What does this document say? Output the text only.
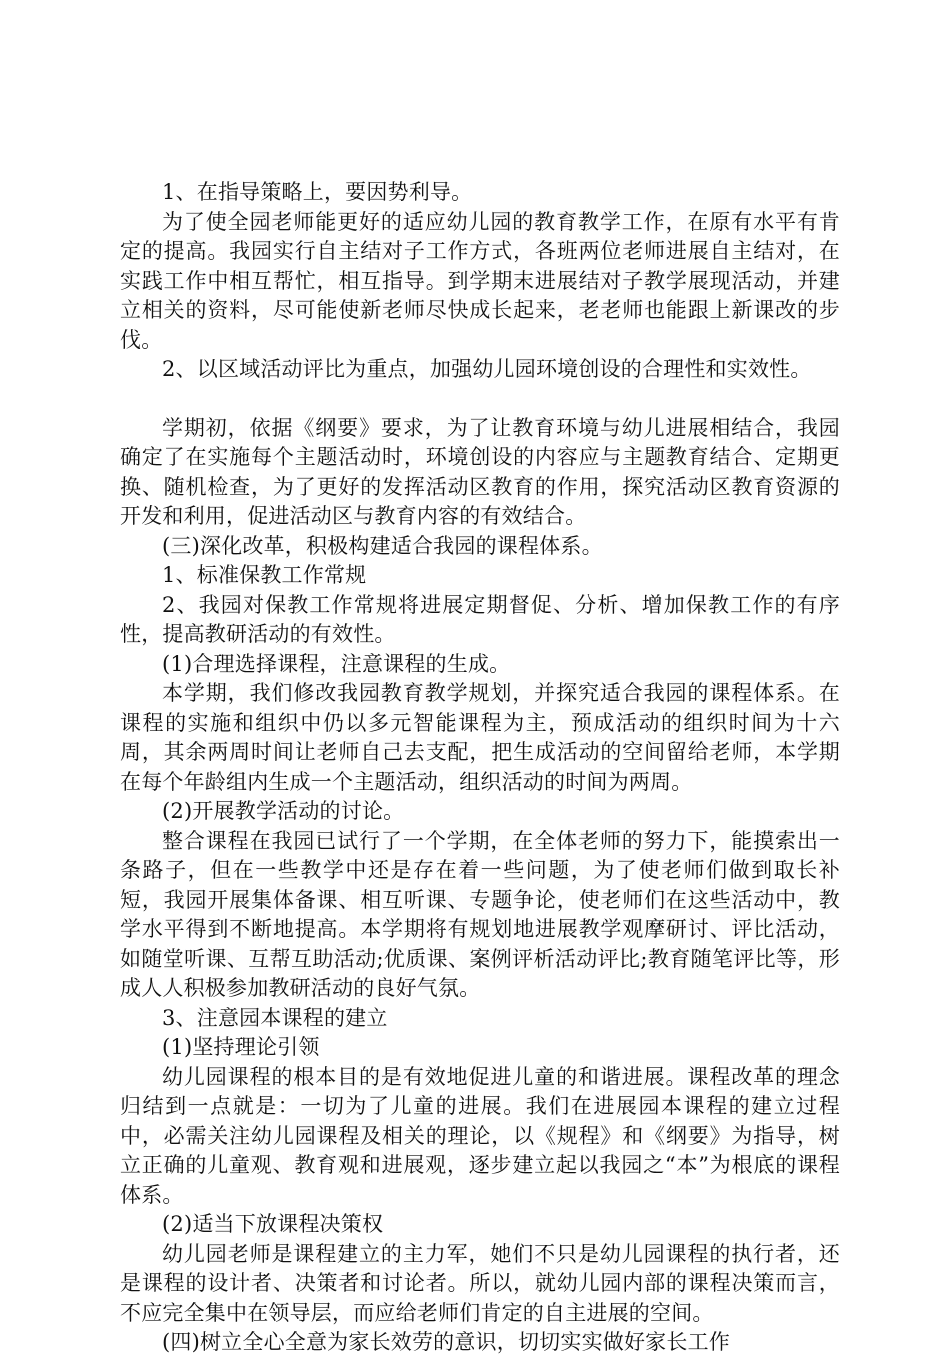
1、在指导策略上，要因势利导。

为了使全园老师能更好的适应幼儿园的教育教学工作，在原有水平有肯定的提高。我园实行自主结对子工作方式，各班两位老师进展自主结对，在实践工作中相互帮忙，相互指导。到学期末进展结对子教学展现活动，并建立相关的资料，尽可能使新老师尽快成长起来，老老师也能跟上新课改的步伐。

2、以区域活动评比为重点，加强幼儿园环境创设的合理性和实效性。

学期初，依据《纲要》要求，为了让教育环境与幼儿进展相结合，我园确定了在实施每个主题活动时，环境创设的内容应与主题教育结合、定期更换、随机检查，为了更好的发挥活动区教育的作用，探究活动区教育资源的开发和利用，促进活动区与教育内容的有效结合。

(三)深化改革，积极构建适合我园的课程体系。

1、标准保教工作常规

2、我园对保教工作常规将进展定期督促、分析、增加保教工作的有序性，提高教研活动的有效性。

(1)合理选择课程，注意课程的生成。

本学期，我们修改我园教育教学规划，并探究适合我园的课程体系。在课程的实施和组织中仍以多元智能课程为主，预成活动的组织时间为十六周，其余两周时间让老师自己去支配，把生成活动的空间留给老师，本学期在每个年龄组内生成一个主题活动，组织活动的时间为两周。

(2)开展教学活动的讨论。

整合课程在我园已试行了一个学期，在全体老师的努力下，能摸索出一条路子，但在一些教学中还是存在着一些问题，为了使老师们做到取长补短，我园开展集体备课、相互听课、专题争论，使老师们在这些活动中，教学水平得到不断地提高。本学期将有规划地进展教学观摩研讨、评比活动，如随堂听课、互帮互助活动;优质课、案例评析活动评比;教育随笔评比等，形成人人积极参加教研活动的良好气氛。

3、注意园本课程的建立

(1)坚持理论引领

幼儿园课程的根本目的是有效地促进儿童的和谐进展。课程改革的理念归结到一点就是：一切为了儿童的进展。我们在进展园本课程的建立过程中，必需关注幼儿园课程及相关的理论，以《规程》和《纲要》为指导，树立正确的儿童观、教育观和进展观，逐步建立起以我园之“本”为根底的课程体系。

(2)适当下放课程决策权

幼儿园老师是课程建立的主力军，她们不只是幼儿园课程的执行者，还是课程的设计者、决策者和讨论者。所以，就幼儿园内部的课程决策而言，不应完全集中在领导层，而应给老师们肯定的自主进展的空间。

(四)树立全心全意为家长效劳的意识，切切实实做好家长工作
